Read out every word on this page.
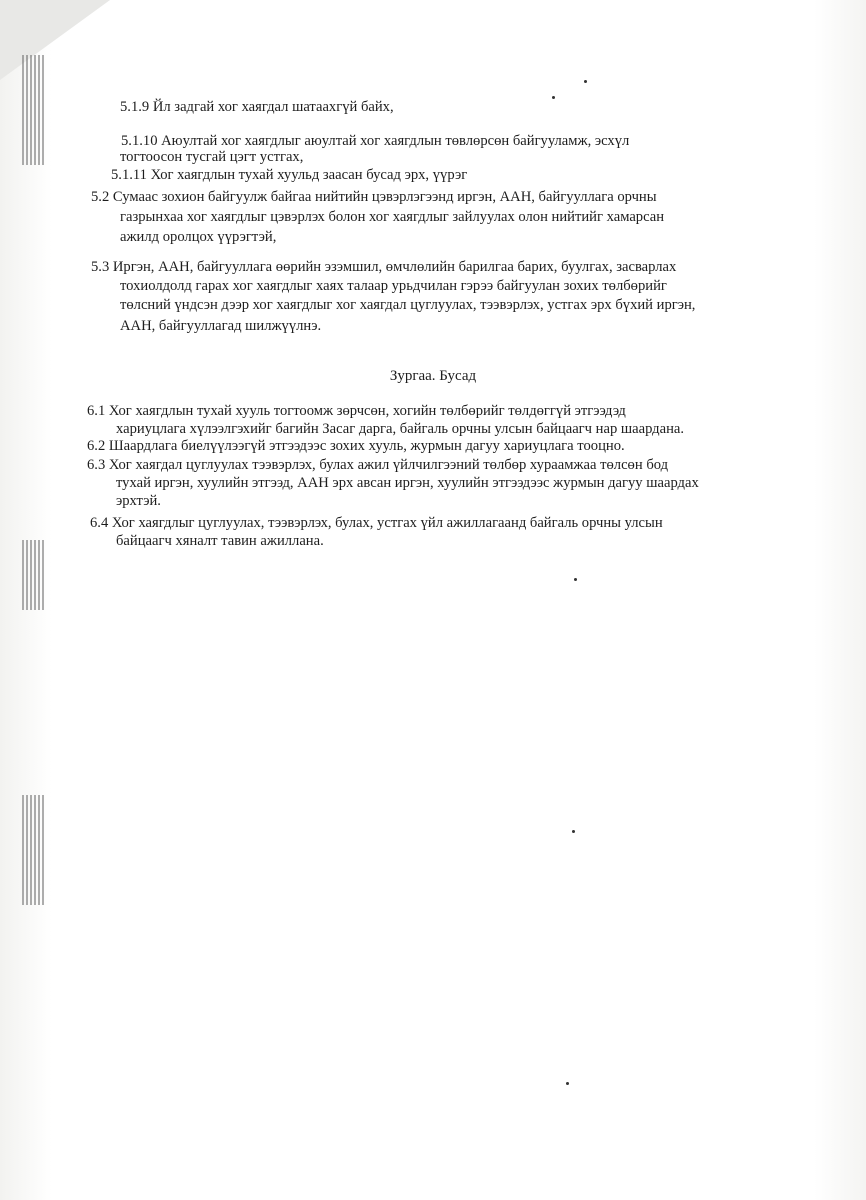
5.1.9 Йл задгай хог хаягдал шатаахгүй байх,
5.1.10 Аюултай хог хаягдлыг аюултай хог хаягдлын төвлөрсөн байгууламж, эсхүл
тогтоосон тусгай цэгт устгах,
5.1.11 Хог хаягдлын тухай хуульд заасан бусад эрх, үүрэг
5.2 Сумаас зохион байгуулж байгаа нийтийн цэвэрлэгээнд иргэн, ААН, байгууллага орчны
газрынхаа хог хаягдлыг цэвэрлэх болон хог хаягдлыг зайлуулах олон нийтийг хамарсан
ажилд оролцох үүрэгтэй,
5.3 Иргэн, ААН, байгууллага өөрийн эзэмшил, өмчлөлийн барилгаа барих, буулгах, засварлах
тохиолдолд гарах хог хаягдлыг хаях талаар урьдчилан гэрээ байгуулан зохих төлбөрийг
төлсний үндсэн дээр хог хаягдлыг хог хаягдал цуглуулах, тээвэрлэх, устгах эрх бүхий иргэн,
ААН, байгууллагад шилжүүлнэ.
Зургаа. Бусад
6.1 Хог хаягдлын тухай хууль тогтоомж зөрчсөн, хогийн төлбөрийг төлдөггүй этгээдэд
хариуцлага хүлээлгэхийг багийн Засаг дарга, байгаль орчны улсын байцаагч нар шаардана.
6.2 Шаардлага биелүүлээгүй этгээдээс зохих хууль, журмын дагуу хариуцлага тооцно.
6.3 Хог хаягдал цуглуулах тээвэрлэх, булах ажил үйлчилгээний төлбөр хураамжаа төлсөн бод
тухай иргэн, хуулийн этгээд, ААН эрх авсан иргэн, хуулийн этгээдээс журмын дагуу шаардах
эрхтэй.
6.4 Хог хаягдлыг цуглуулах, тээвэрлэх, булах, устгах үйл ажиллагаанд байгаль орчны улсын
байцаагч хяналт тавин ажиллана.
